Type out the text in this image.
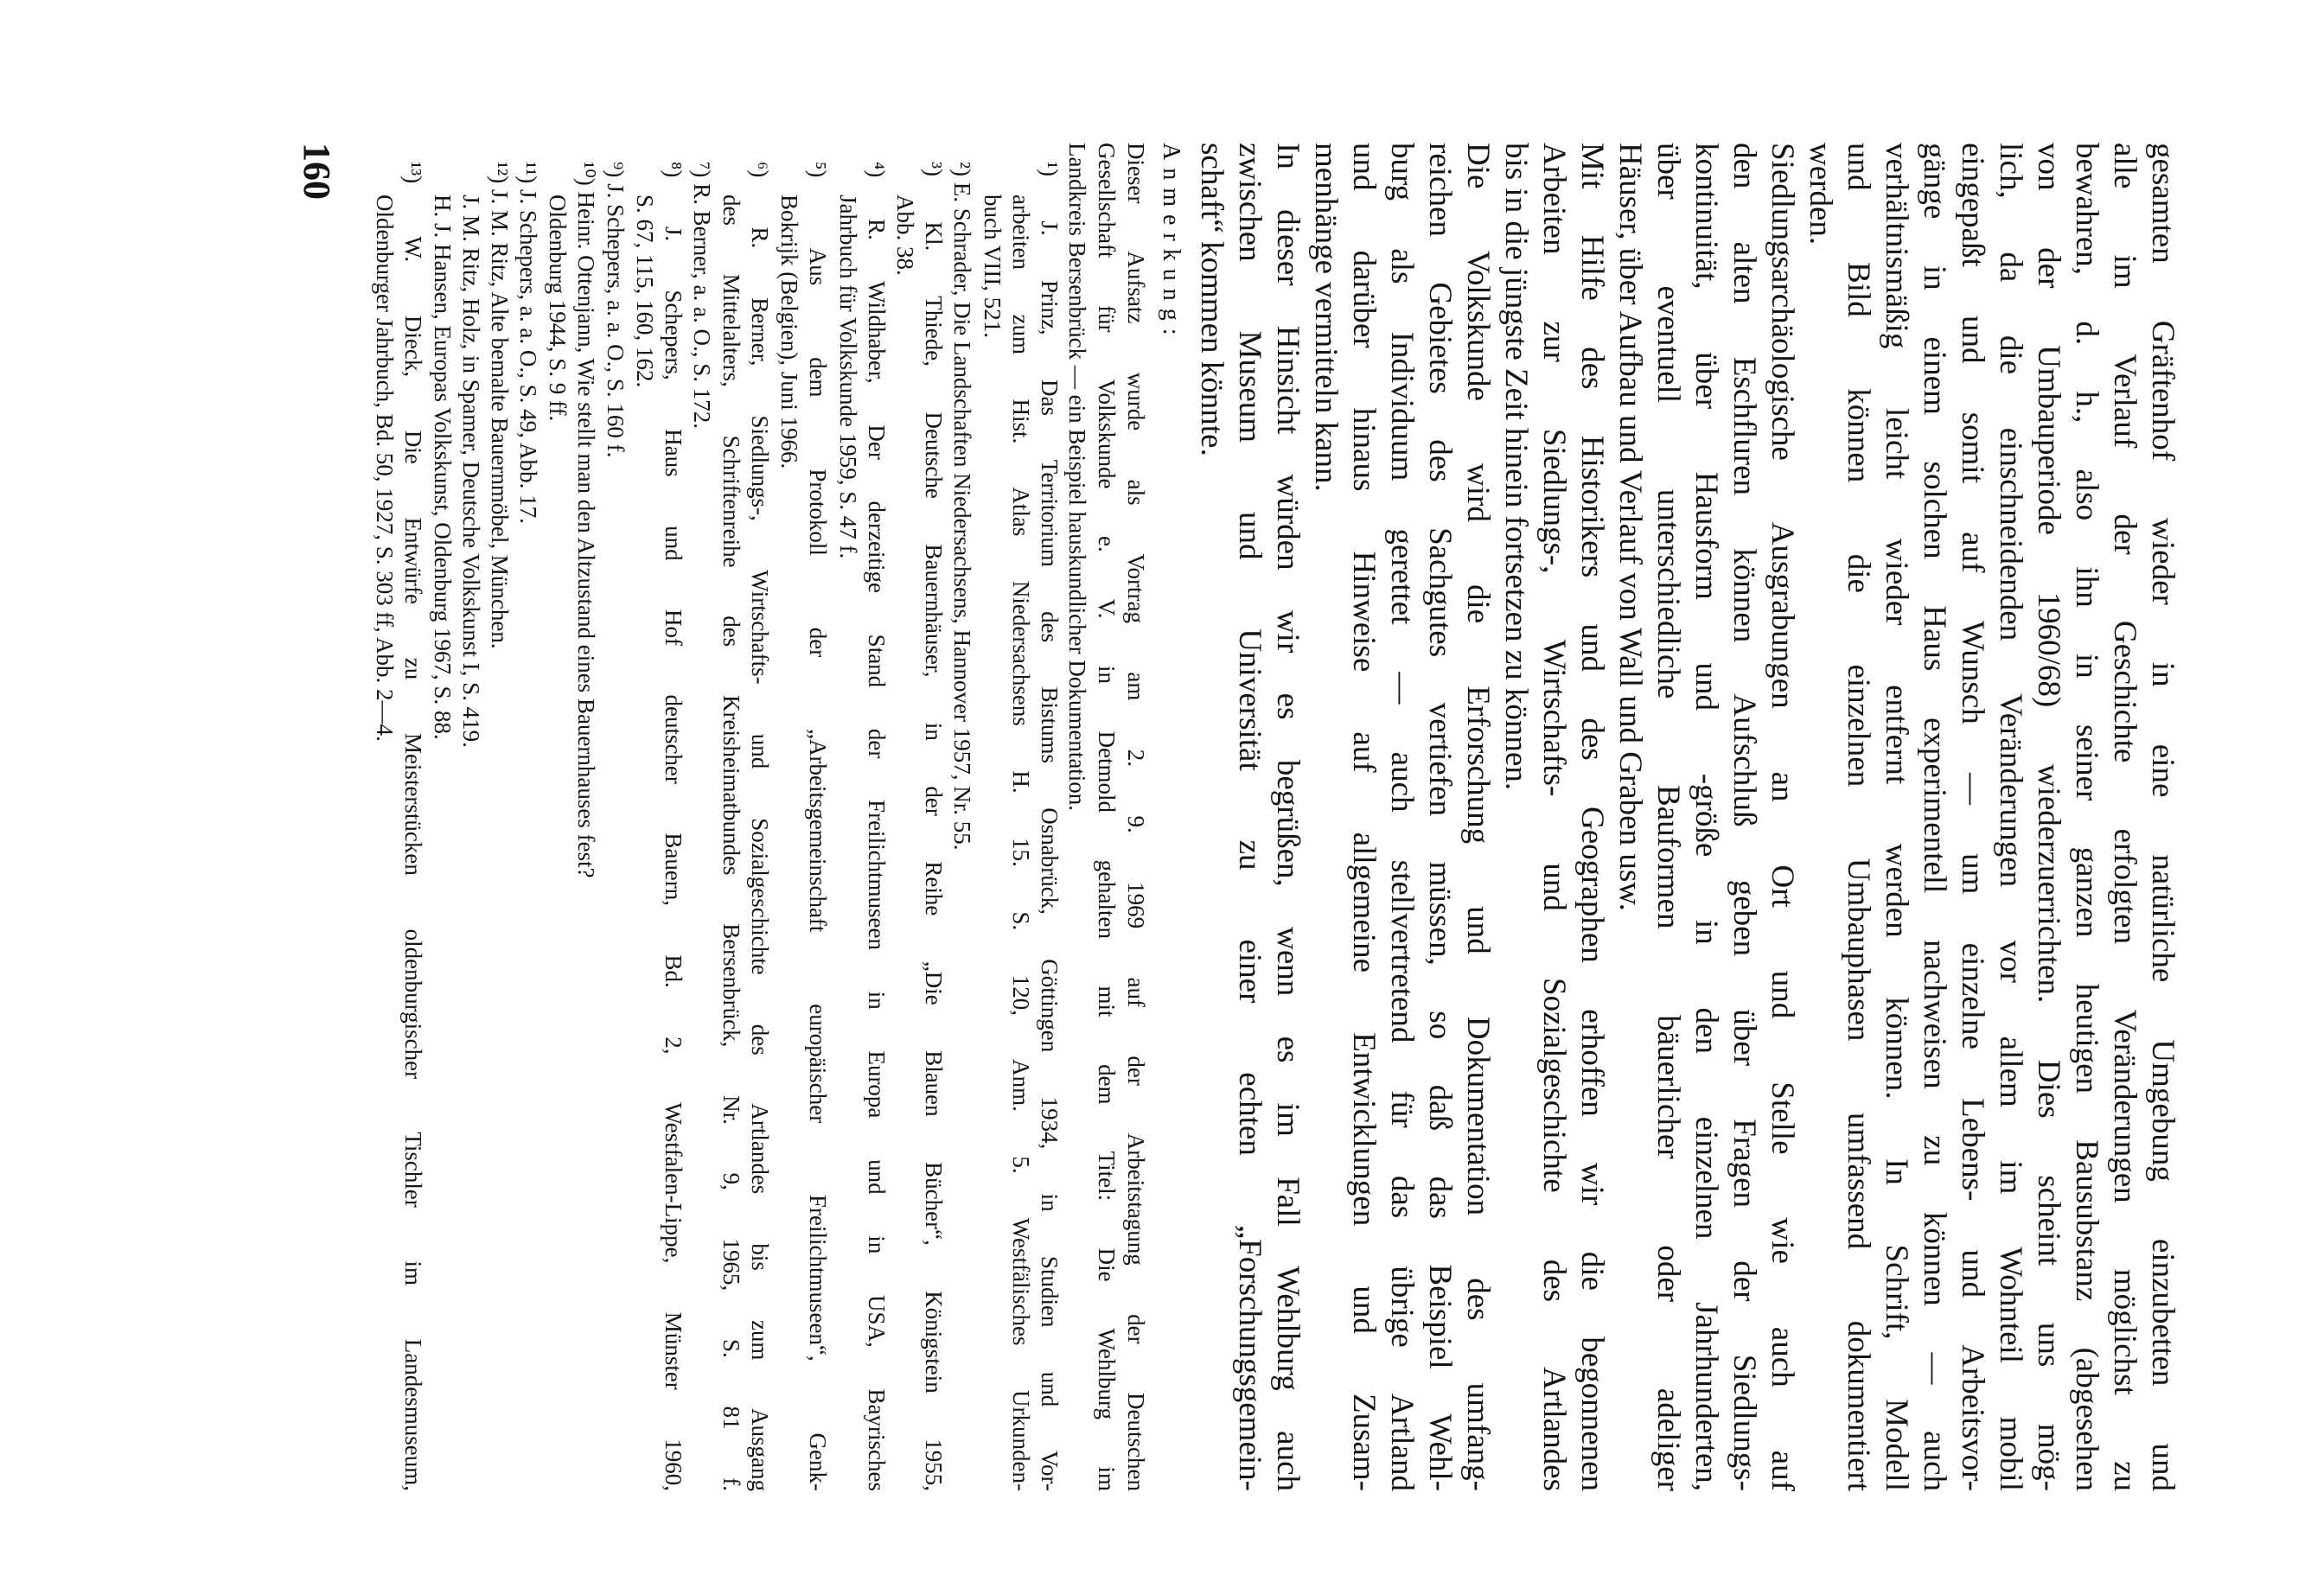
gesamten Gräftenhof wieder in eine natürliche Umgebung einzubetten und
alle im Verlauf der Geschichte erfolgten Veränderungen möglichst zu
bewahren, d. h., also ihn in seiner ganzen heutigen Bausubstanz (abgesehen
von der Umbauperiode 1960/68) wiederzuerrichten. Dies scheint uns mög-
lich, da die einschneidenden Veränderungen vor allem im Wohnteil mobil
eingepaßt und somit auf Wunsch — um einzelne Lebens- und Arbeitsvor-
gänge in einem solchen Haus experimentell nachweisen zu können — auch
verhältnismäßig leicht wieder entfernt werden können. In Schrift, Modell
und Bild können die einzelnen Umbauphasen umfassend dokumentiert
werden.
Siedlungsarchäologische Ausgrabungen an Ort und Stelle wie auch auf
den alten Eschfluren können Aufschluß geben über Fragen der Siedlungs-
kontinuität, über Hausform und -größe in den einzelnen Jahrhunderten,
über eventuell unterschiedliche Bauformen bäuerlicher oder adeliger
Häuser, über Aufbau und Verlauf von Wall und Graben usw.
Mit Hilfe des Historikers und des Geographen erhoffen wir die begonnenen
Arbeiten zur Siedlungs-, Wirtschafts- und Sozialgeschichte des Artlandes
bis in die jüngste Zeit hinein fortsetzen zu können.
Die Volkskunde wird die Erforschung und Dokumentation des umfang-
reichen Gebietes des Sachgutes vertiefen müssen, so daß das Beispiel Wehl-
burg als Individuum gerettet — auch stellvertretend für das übrige Artland
und darüber hinaus Hinweise auf allgemeine Entwicklungen und Zusam-
menhänge vermitteln kann.
In dieser Hinsicht würden wir es begrüßen, wenn es im Fall Wehlburg auch
zwischen Museum und Universität zu einer echten „Forschungsgemein-
schaft“ kommen könnte.
Anmerkung:
Dieser Aufsatz wurde als Vortrag am 2. 9. 1969 auf der Arbeitstagung der Deutschen
Gesellschaft für Volkskunde e. V. in Detmold gehalten mit dem Titel: Die Wehlburg im
Landkreis Bersenbrück — ein Beispiel hauskundlicher Dokumentation.
¹) J. Prinz, Das Territorium des Bistums Osnabrück, Göttingen 1934, in Studien und Vor-
arbeiten zum Hist. Atlas Niedersachsens H. 15. S. 120, Anm. 5. Westfälisches Urkunden-
buch VIII, 521.
²) E. Schrader, Die Landschaften Niedersachsens, Hannover 1957, Nr. 55.
³) Kl. Thiede, Deutsche Bauernhäuser, in der Reihe „Die Blauen Bücher“, Königstein 1955,
Abb. 38.
⁴) R. Wildhaber, Der derzeitige Stand der Freilichtmuseen in Europa und in USA, Bayrisches
Jahrbuch für Volkskunde 1959, S. 47 f.
⁵) Aus dem Protokoll der „Arbeitsgemeinschaft europäischer Freilichtmuseen“, Genk-
Bokrijk (Belgien), Juni 1966.
⁶) R. Berner, Siedlungs-, Wirtschafts- und Sozialgeschichte des Artlandes bis zum Ausgang
des Mittelalters, Schriftenreihe des Kreisheimatbundes Bersenbrück, Nr. 9, 1965, S. 81 f.
⁷) R. Berner, a. a. O., S. 172.
⁸) J. Schepers, Haus und Hof deutscher Bauern, Bd. 2, Westfalen-Lippe, Münster 1960,
S. 67, 115, 160, 162.
⁹) J. Schepers, a. a. O., S. 160 f.
¹⁰) Heinr. Ottenjann, Wie stellt man den Altzustand eines Bauernhauses fest?
Oldenburg 1944, S. 9 ff.
¹¹) J. Schepers, a. a. O., S. 49, Abb. 17.
¹²) J. M. Ritz, Alte bemalte Bauernmöbel, München.
J. M. Ritz, Holz, in Spamer, Deutsche Volkskunst I, S. 419.
H. J. Hansen, Europas Volkskunst, Oldenburg 1967, S. 88.
¹³) W. Dieck, Die Entwürfe zu Meisterstücken oldenburgischer Tischler im Landesmuseum,
Oldenburger Jahrbuch, Bd. 50, 1927, S. 303 ff, Abb. 2—4.
160
